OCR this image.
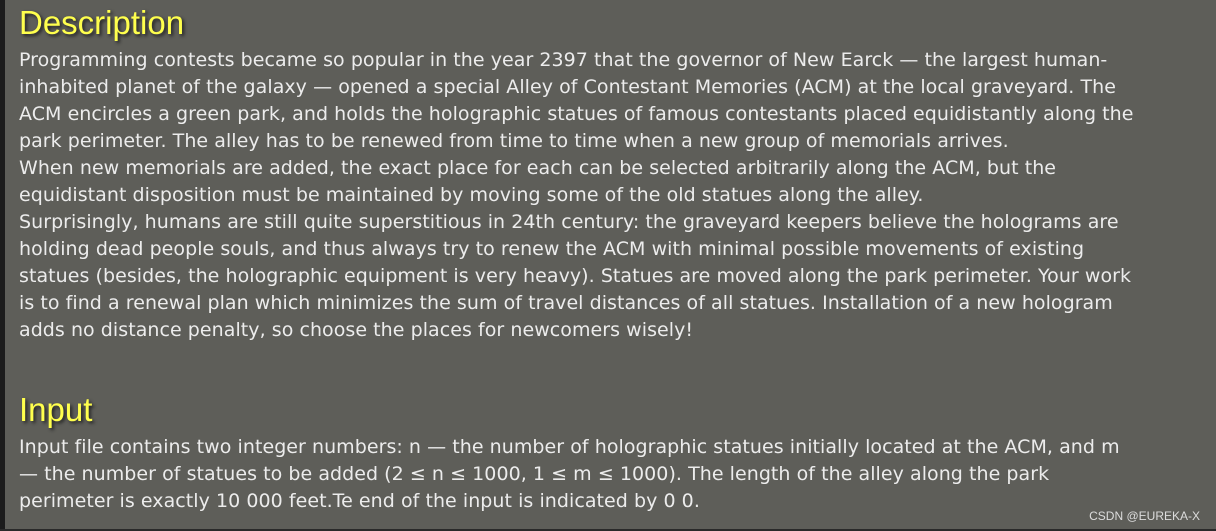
Description
Programming contests became so popular in the year 2397 that the governor of New Earck — the largest human-
inhabited planet of the galaxy — opened a special Alley of Contestant Memories (ACM) at the local graveyard. The
ACM encircles a green park, and holds the holographic statues of famous contestants placed equidistantly along the
park perimeter. The alley has to be renewed from time to time when a new group of memorials arrives.
When new memorials are added, the exact place for each can be selected arbitrarily along the ACM, but the
equidistant disposition must be maintained by moving some of the old statues along the alley.
Surprisingly, humans are still quite superstitious in 24th century: the graveyard keepers believe the holograms are
holding dead people souls, and thus always try to renew the ACM with minimal possible movements of existing
statues (besides, the holographic equipment is very heavy). Statues are moved along the park perimeter. Your work
is to find a renewal plan which minimizes the sum of travel distances of all statues. Installation of a new hologram
adds no distance penalty, so choose the places for newcomers wisely!
Input
Input file contains two integer numbers: n — the number of holographic statues initially located at the ACM, and m
— the number of statues to be added (2 ≤ n ≤ 1000, 1 ≤ m ≤ 1000). The length of the alley along the park
perimeter is exactly 10 000 feet.Te end of the input is indicated by 0 0.
CSDN @EUREKA-X
